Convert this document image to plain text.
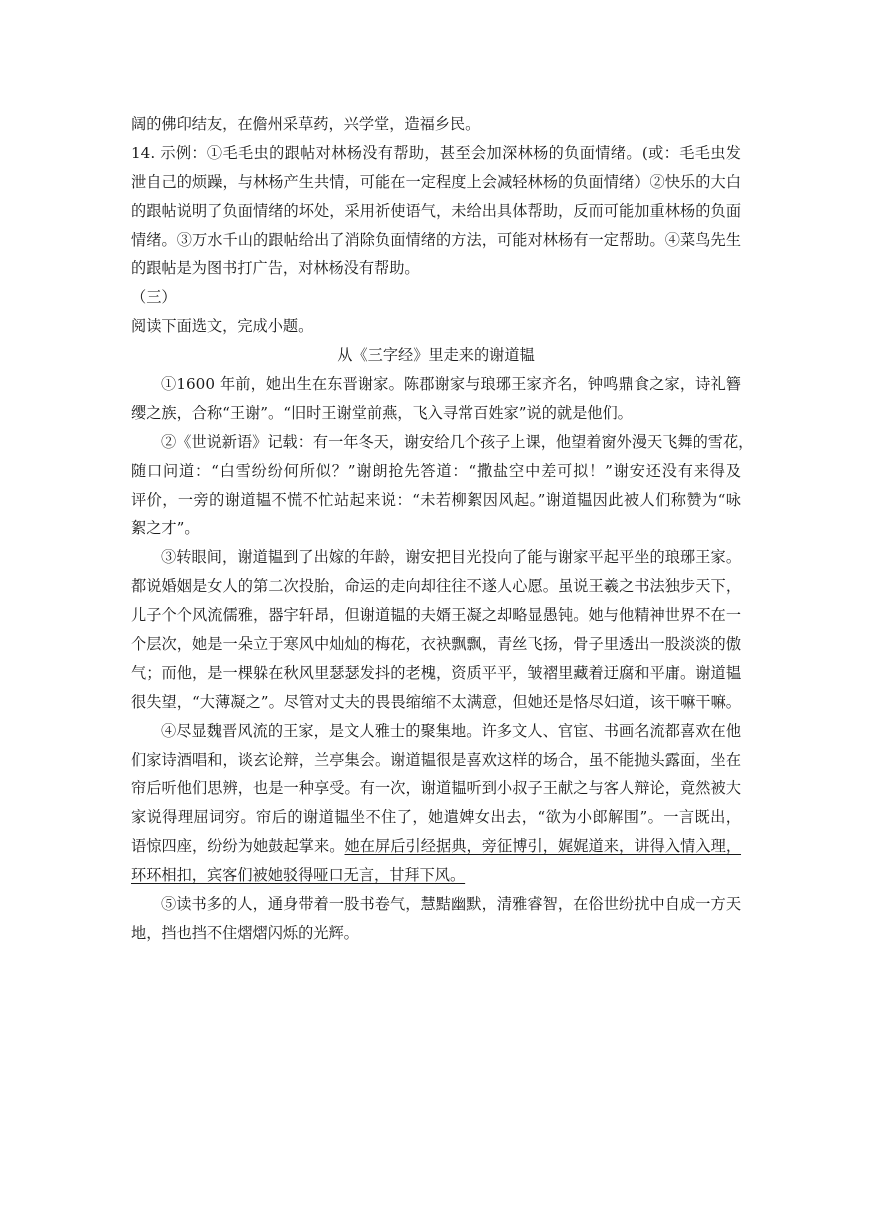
阔的佛印结友，在儋州采草药，兴学堂，造福乡民。
14. 示例：①毛毛虫的跟帖对林杨没有帮助，甚至会加深林杨的负面情绪。(或：毛毛虫发
泄自己的烦躁，与林杨产生共情，可能在一定程度上会减轻林杨的负面情绪）②快乐的大白
的跟帖说明了负面情绪的坏处，采用祈使语气，未给出具体帮助，反而可能加重林杨的负面
情绪。③万水千山的跟帖给出了消除负面情绪的方法，可能对林杨有一定帮助。④菜鸟先生
的跟帖是为图书打广告，对林杨没有帮助。
（三）
阅读下面选文，完成小题。
从《三字经》里走来的谢道韫
①1600 年前，她出生在东晋谢家。陈郡谢家与琅琊王家齐名，钟鸣鼎食之家，诗礼簪
缨之族，合称“王谢”。“旧时王谢堂前燕，飞入寻常百姓家”说的就是他们。
②《世说新语》记载：有一年冬天，谢安给几个孩子上课，他望着窗外漫天飞舞的雪花，
随口问道：“白雪纷纷何所似？”谢朗抢先答道：“撒盐空中差可拟！”谢安还没有来得及
评价，一旁的谢道韫不慌不忙站起来说：“未若柳絮因风起。”谢道韫因此被人们称赞为“咏
絮之才”。
③转眼间，谢道韫到了出嫁的年龄，谢安把目光投向了能与谢家平起平坐的琅琊王家。
都说婚姻是女人的第二次投胎，命运的走向却往往不遂人心愿。虽说王羲之书法独步天下，
儿子个个风流儒雅，器宇轩昂，但谢道韫的夫婿王凝之却略显愚钝。她与他精神世界不在一
个层次，她是一朵立于寒风中灿灿的梅花，衣袂飘飘，青丝飞扬，骨子里透出一股淡淡的傲
气；而他，是一棵躲在秋风里瑟瑟发抖的老槐，资质平平，皱褶里藏着迂腐和平庸。谢道韫
很失望，“大薄凝之”。尽管对丈夫的畏畏缩缩不太满意，但她还是恪尽妇道，该干嘛干嘛。
④尽显魏晋风流的王家，是文人雅士的聚集地。许多文人、官宦、书画名流都喜欢在他
们家诗酒唱和，谈玄论辩，兰亭集会。谢道韫很是喜欢这样的场合，虽不能抛头露面，坐在
帘后听他们思辨，也是一种享受。有一次，谢道韫听到小叔子王献之与客人辩论，竟然被大
家说得理屈词穷。帘后的谢道韫坐不住了，她遣婢女出去，“欲为小郎解围”。一言既出，
语惊四座，纷纷为她鼓起掌来。她在屏后引经据典，旁征博引，娓娓道来，讲得入情入理，
环环相扣，宾客们被她驳得哑口无言，甘拜下风。
⑤读书多的人，通身带着一股书卷气，慧黠幽默，清雅睿智，在俗世纷扰中自成一方天
地，挡也挡不住熠熠闪烁的光辉。
